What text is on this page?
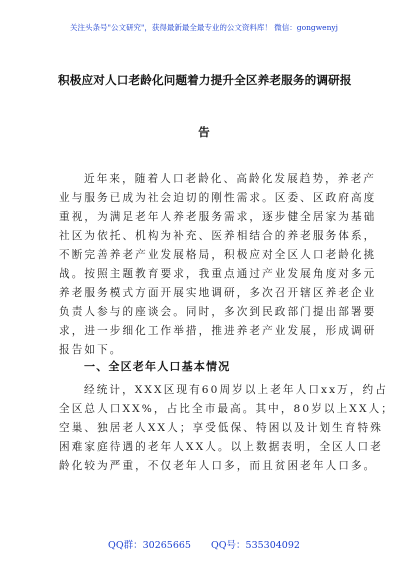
关注头条号"公文研究"，获得最新最全最专业的公文资料库！ 微信：gongwenyj
积极应对人口老龄化问题着力提升全区养老服务的调研报
告
近年来，随着人口老龄化、高龄化发展趋势，养老产
业与服务已成为社会迫切的刚性需求。区委、区政府高度
重视，为满足老年人养老服务需求，逐步健全居家为基础
社区为依托、机构为补充、医养相结合的养老服务体系，
不断完善养老产业发展格局，积极应对全区人口老龄化挑
战。按照主题教育要求，我重点通过产业发展角度对多元
养老服务模式方面开展实地调研，多次召开辖区养老企业
负责人参与的座谈会。同时，多次到民政部门提出部署要
求，进一步细化工作举措，推进养老产业发展，形成调研
报告如下。
一、全区老年人口基本情况
经统计，XXX区现有60周岁以上老年人口xx万，约占
全区总人口XX%，占比全市最高。其中，80岁以上XX人；
空巢、独居老人XX人；享受低保、特困以及计划生育特殊
困难家庭待遇的老年人XX人。以上数据表明，全区人口老
龄化较为严重，不仅老年人口多，而且贫困老年人口多。
QQ群：30265665 QQ号：535304092
